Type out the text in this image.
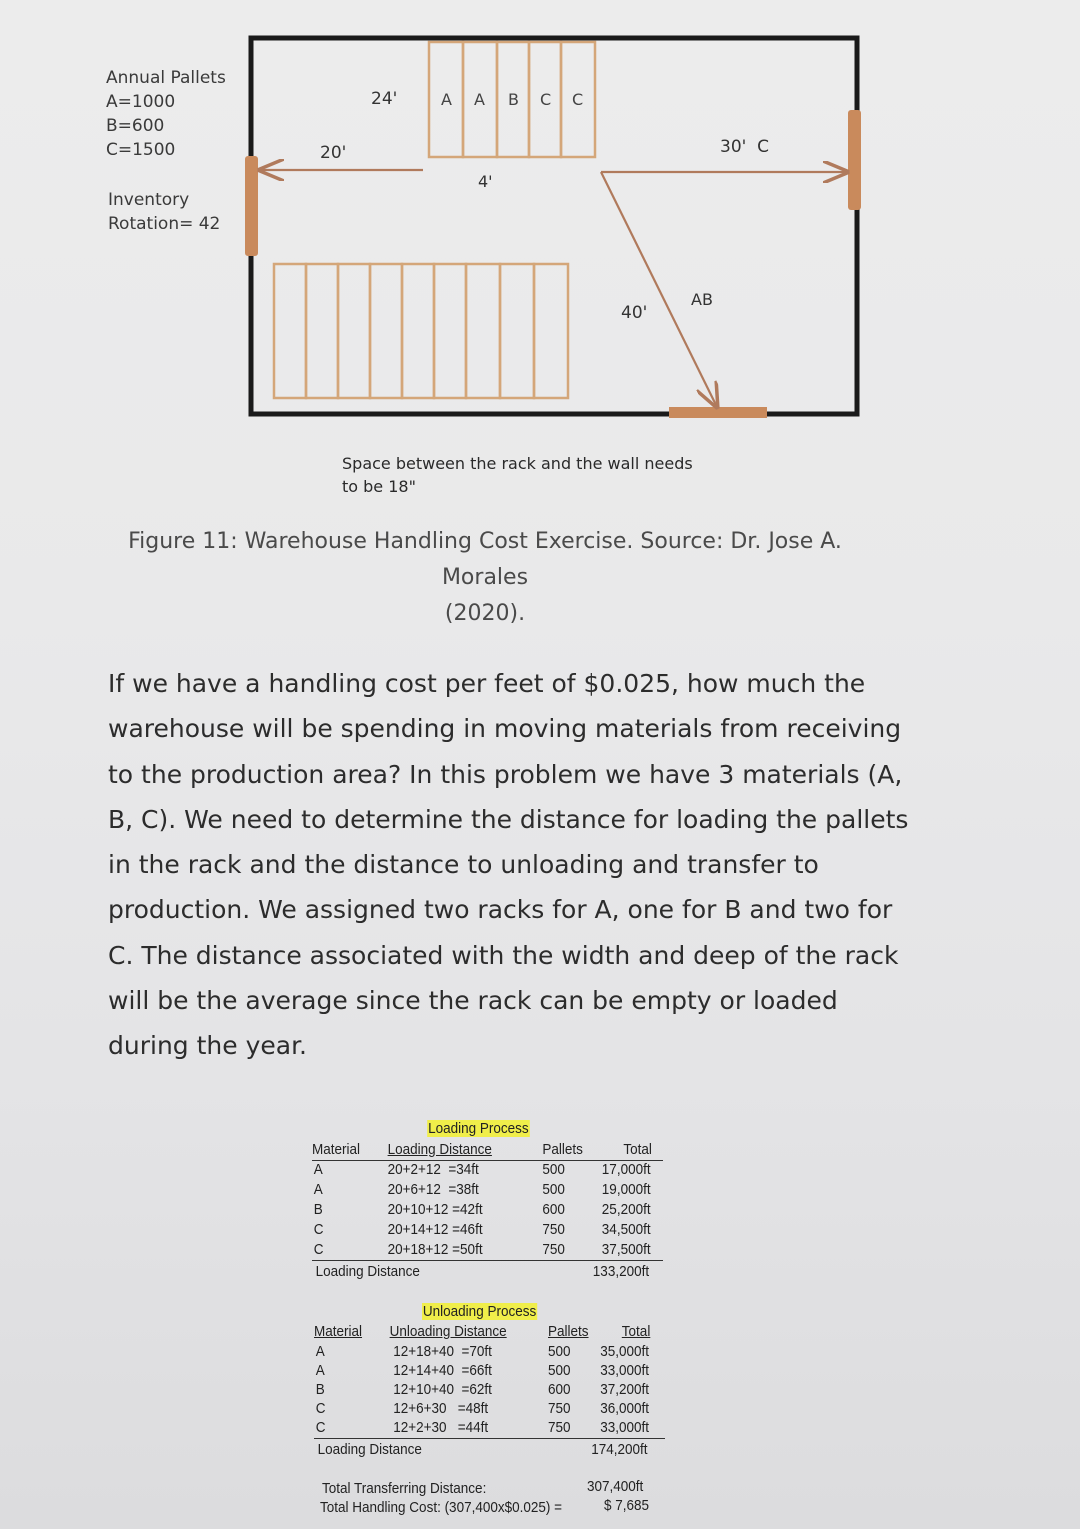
A A B C C
24'
20'
4'
30'  C
AB
40'
Annual Pallets
A=1000
B=600
C=1500
Inventory
Rotation= 42
Space between the rack and the wall needs
to be 18"
Figure 11: Warehouse Handling Cost Exercise. Source: Dr. Jose A. Morales
(2020).
If we have a handling cost per feet of $0.025, how much the
warehouse will be spending in moving materials from receiving
to the production area? In this problem we have 3 materials (A,
B, C). We need to determine the distance for loading the pallets
in the rack and the distance to unloading and transfer to
production. We assigned two racks for A, one for B and two for
C. The distance associated with the width and deep of the rack
will be the average since the rack can be empty or loaded
during the year.
Loading Process
Material Loading Distance	Pallets	Total
A	20+2+12  =34ft	500 17,000ft
A	20+6+12  =38ft	500 19,000ft
B	20+10+12 =42ft	600 25,200ft
C	20+14+12 =46ft	750 34,500ft
C	20+18+12 =50ft	750 37,500ft
Loading Distance	133,200ft
Unloading Process
Material Unloading Distance	Pallets Total
A	12+18+40  =70ft	500 35,000ft
A	12+14+40  =66ft	500 33,000ft
B	12+10+40  =62ft	600 37,200ft
C	12+6+30   =48ft	750 36,000ft
C	12+2+30   =44ft	750 33,000ft
Loading Distance	174,200ft
Total Transferring Distance:	307,400ft
Total Handling Cost: (307,400x$0.025) =	$ 7,685
